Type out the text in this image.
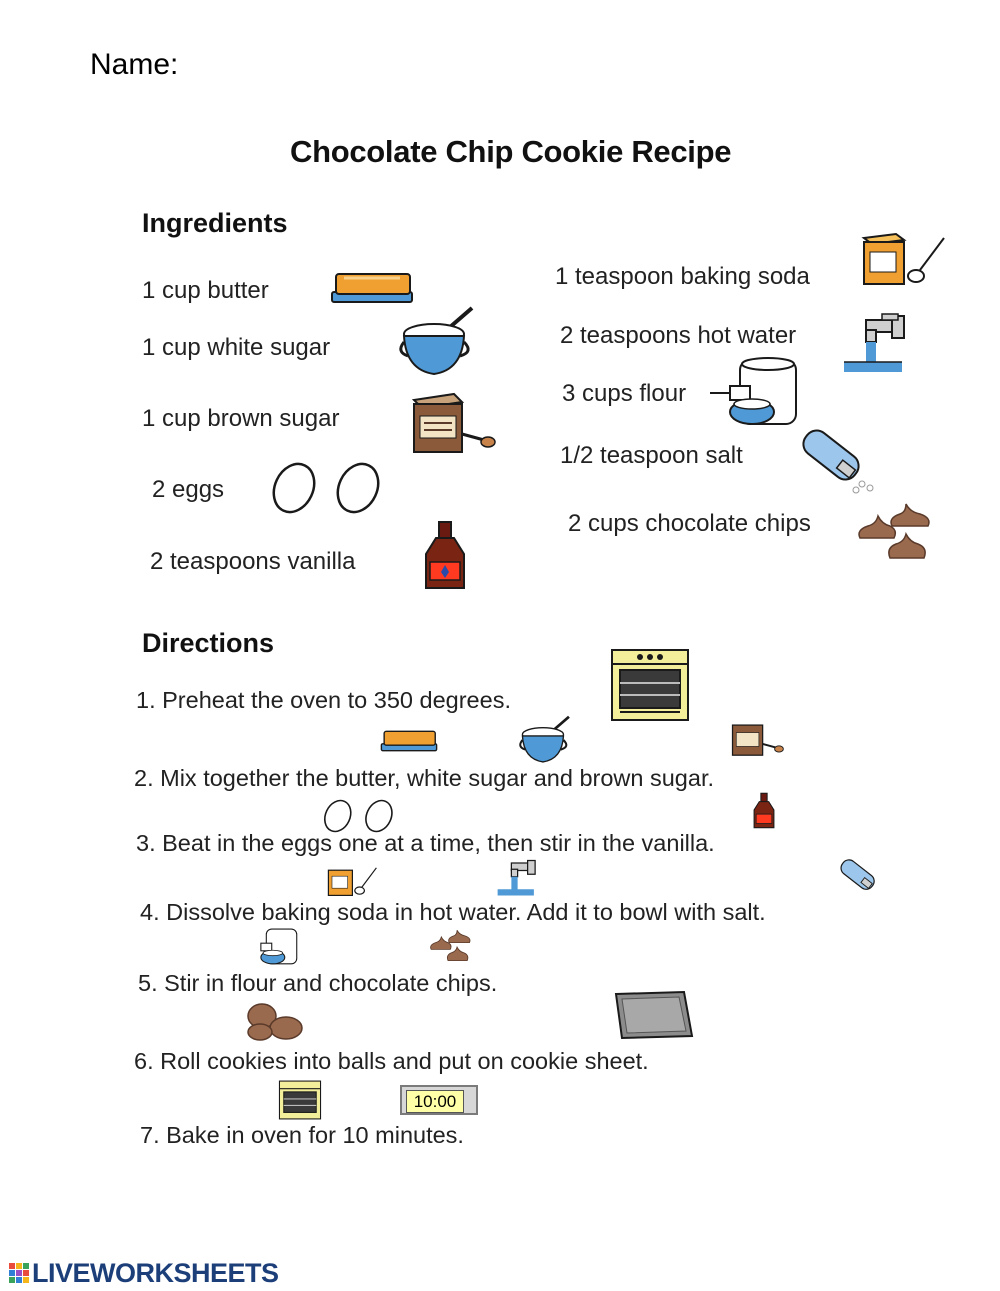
Name:
Chocolate Chip Cookie Recipe
Ingredients
1 cup butter
1 cup white sugar
1 cup brown sugar
2 eggs
2 teaspoons vanilla
1 teaspoon baking soda
2 teaspoons hot water
3 cups flour
1/2 teaspoon salt
2 cups chocolate chips
Directions
1. Preheat the oven to 350 degrees.
2. Mix together the butter, white sugar and brown sugar.
3. Beat in the eggs one at a time, then stir in the vanilla.
4. Dissolve baking soda in hot water. Add it to bowl with salt.
5. Stir in flour and chocolate chips.
6. Roll cookies into balls and put on cookie sheet.
7. Bake in oven for 10 minutes.
10:00
LIVEWORKSHEETS
